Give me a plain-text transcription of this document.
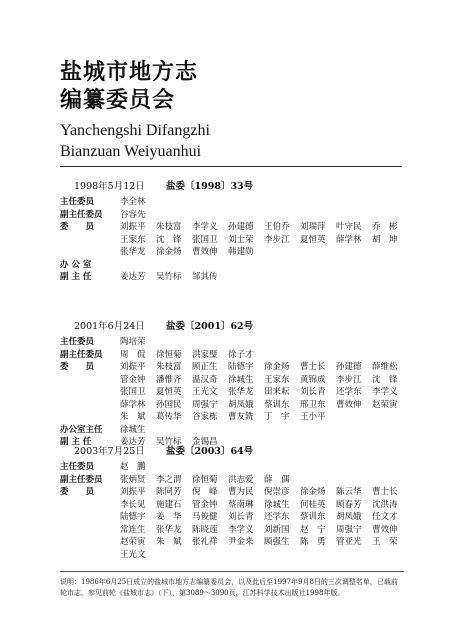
盐城市地方志
编纂委员会
Yanchengshi Difangzhi
Bianzuan Weiyuanhui
1998年5月12日 盐委〔1998〕33号
主任委员	李全林
副主任委员	谷容先
委　　员	刘振平	朱枝富	李学义	孙建德	王伯乔	刘瑞萍	叶守民	乔　彬
王家东	沈　锋	张国卫	刘士荣	李步江	夏恒英	薛学林	胡　坤
张华龙	徐金炀	曹效伸	韩建勋
办 公 室
副 主 任	姜达芳	吴竹标	邹其传
2001年6月24日 盐委〔2001〕62号
主任委员	陶培荣
副主任委员	周　侃	徐恒菊	洪家璧	徐子才
委　　员	刘振平	朱枝富	顾正生	陆德宇	徐金炀	曹士长	孙建德	薛维松
管金钟	潘惟齐	温汉奇	徐城生	王家东	黄锦成	李步江	沈　锋
张国卫	夏恒英	王光文	张华龙	田来耘	刘长青	还学东	李学义
薛学林	孙国民	周强宁	胡凤娥	蔡训东	邢卫东	曹效伸	赵荣寅
朱　斌	葛传华	谷家栋	曹友銑	丁　宇	王小平
办公室主任	徐城生
副 主 任	姜达芳	吴竹标	金锡昌
2003年7月25日 盐委〔2003〕64号
主任委员	赵　鹏
副主任委员	张炳贤	李之渭	徐恒菊	洪志爱	薛　偶
委　　员	刘振平	陈同芳	倪　峰	曹为民	倪崇彦	徐金炀	陈云华	曹士长
李长见	施建石	管金钟	蔡南琳	徐城生	何桂英	顾春芳	沈洪涛
陆德宇	姜　华	马俊健	刘长青	还学东	蔡训东	胡凤娥	任文才
常连生	张华龙	陈晓莲	李学义	刘新国	赵　宁	周强宁	曹效伸
赵荣寅	朱　斌	张礼祥	尹金来	顾强生	陈　勇	管亚光	王　荣
王光文
说明：1986年6月25日成立的盐城市地方志编纂委员会，以及此后至1997年9月8日的三次调整名单，已载前轮市志。参见前轮《盐城市志》（下），第3089～3090页，江苏科学技术出版社1998年版。
